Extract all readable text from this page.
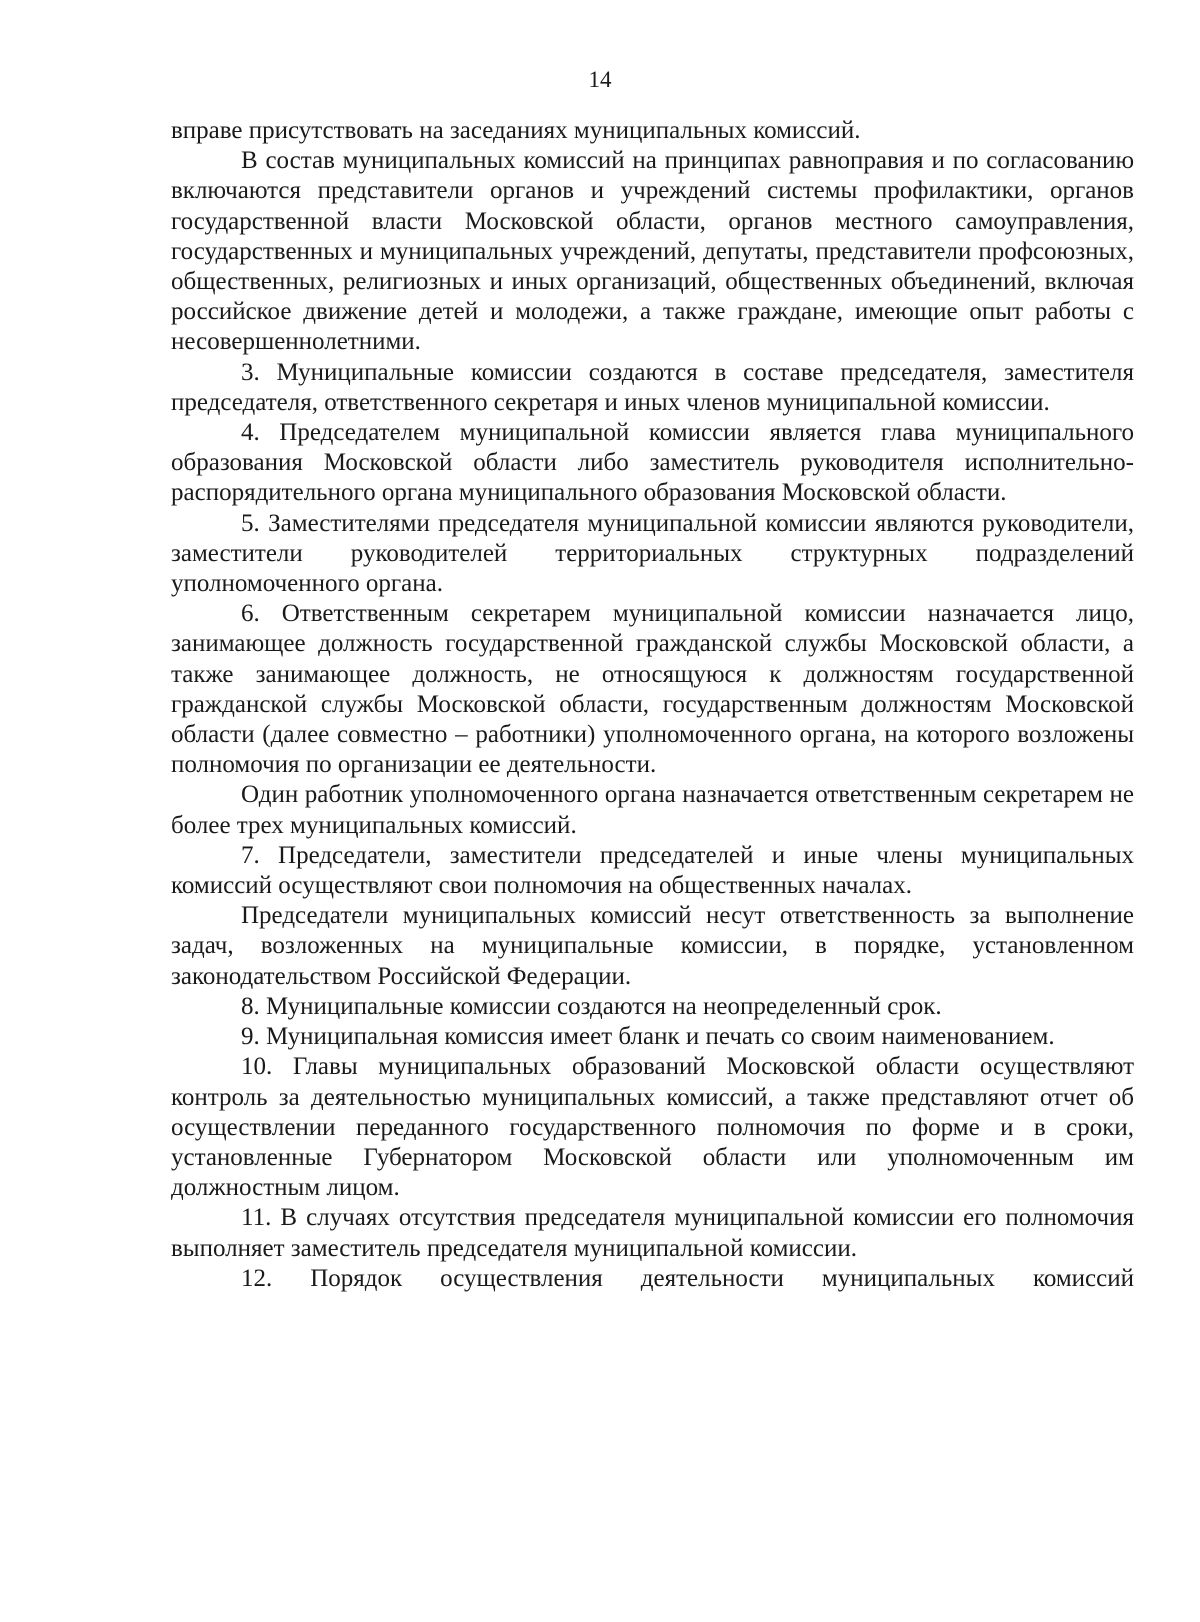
14

вправе присутствовать на заседаниях муниципальных комиссий.

В состав муниципальных комиссий на принципах равноправия и по согласованию включаются представители органов и учреждений системы профилактики, органов государственной власти Московской области, органов местного самоуправления, государственных и муниципальных учреждений, депутаты, представители профсоюзных, общественных, религиозных и иных организаций, общественных объединений, включая российское движение детей и молодежи, а также граждане, имеющие опыт работы с несовершеннолетними.

3. Муниципальные комиссии создаются в составе председателя, заместителя председателя, ответственного секретаря и иных членов муниципальной комиссии.

4. Председателем муниципальной комиссии является глава муниципального образования Московской области либо заместитель руководителя исполнительно-распорядительного органа муниципального образования Московской области.

5. Заместителями председателя муниципальной комиссии являются руководители, заместители руководителей территориальных структурных подразделений уполномоченного органа.

6. Ответственным секретарем муниципальной комиссии назначается лицо, занимающее должность государственной гражданской службы Московской области, а также занимающее должность, не относящуюся к должностям государственной гражданской службы Московской области, государственным должностям Московской области (далее совместно – работники) уполномоченного органа, на которого возложены полномочия по организации ее деятельности.

Один работник уполномоченного органа назначается ответственным секретарем не более трех муниципальных комиссий.

7. Председатели, заместители председателей и иные члены муниципальных комиссий осуществляют свои полномочия на общественных началах.

Председатели муниципальных комиссий несут ответственность за выполнение задач, возложенных на муниципальные комиссии, в порядке, установленном законодательством Российской Федерации.

8. Муниципальные комиссии создаются на неопределенный срок.

9. Муниципальная комиссия имеет бланк и печать со своим наименованием.

10. Главы муниципальных образований Московской области осуществляют контроль за деятельностью муниципальных комиссий, а также представляют отчет об осуществлении переданного государственного полномочия по форме и в сроки, установленные Губернатором Московской области или уполномоченным им должностным лицом.

11. В случаях отсутствия председателя муниципальной комиссии его полномочия выполняет заместитель председателя муниципальной комиссии.

12. Порядок осуществления деятельности муниципальных комиссий
